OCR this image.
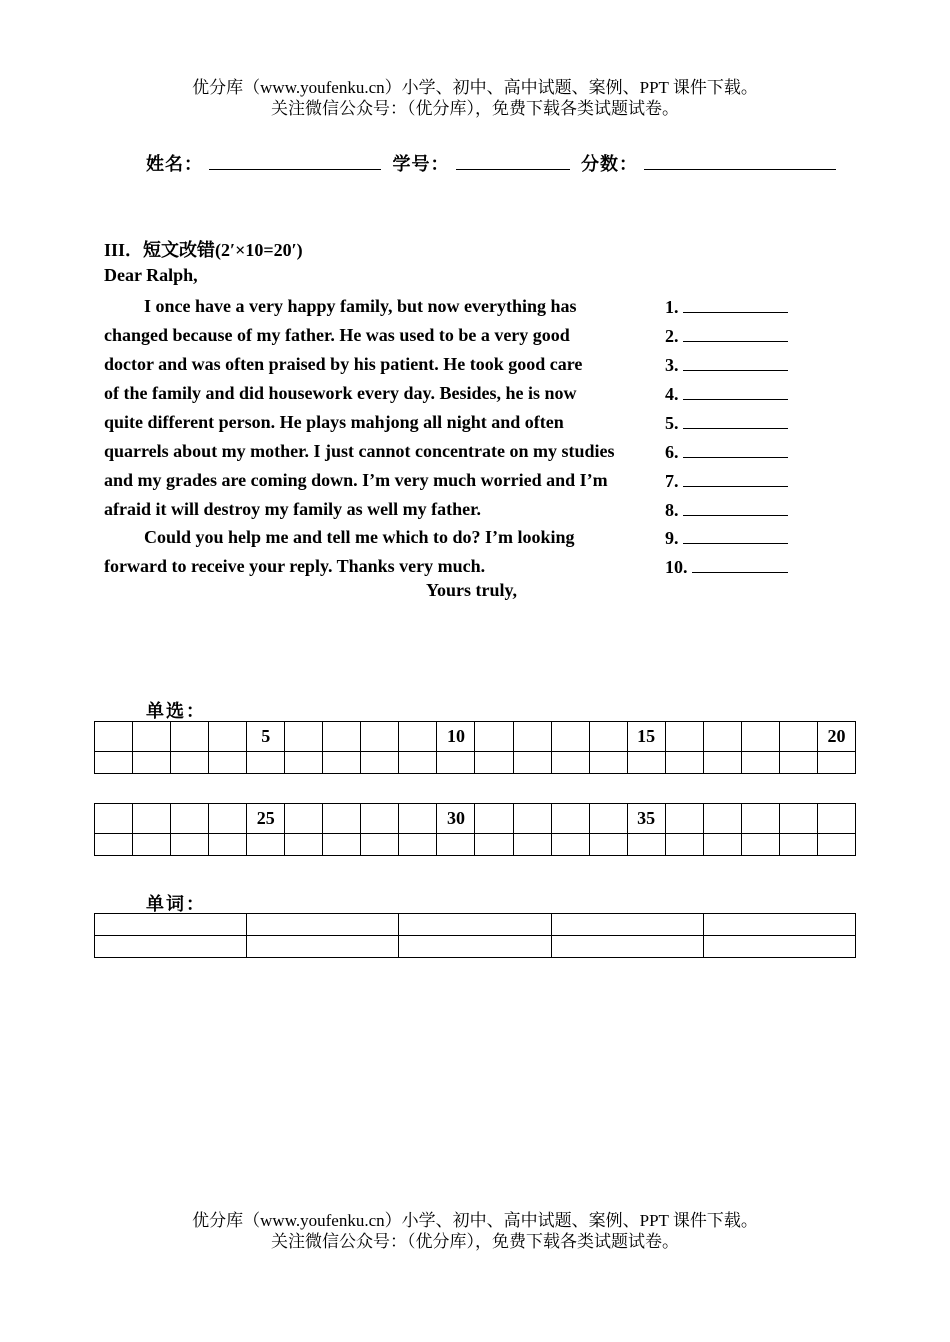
优分库（www.youfenku.cn）小学、初中、高中试题、案例、PPT 课件下载。
关注微信公众号：（优分库），免费下载各类试题试卷。
姓名：	学号：	分数：
III．短文改错(2′×10=20′)
Dear Ralph,
I once have a very happy family, but now everything has
changed because of my father. He was used to be a very good
doctor and was often praised by his patient. He took good care
of the family and did housework every day. Besides, he is now
quite different person. He plays mahjong all night and often
quarrels about my mother. I just cannot concentrate on my studies
and my grades are coming down. I’m very much worried and I’m
afraid it will destroy my family as well my father.
Could you help me and tell me which to do? I’m looking
forward to receive your reply. Thanks very much.
1.
2.
3.
4.
5.
6.
7.
8.
9.
10.
Yours truly,
单选：
				5					10					15					20

				25					30					35					

单词：

优分库（www.youfenku.cn）小学、初中、高中试题、案例、PPT 课件下载。
关注微信公众号：（优分库），免费下载各类试题试卷。
